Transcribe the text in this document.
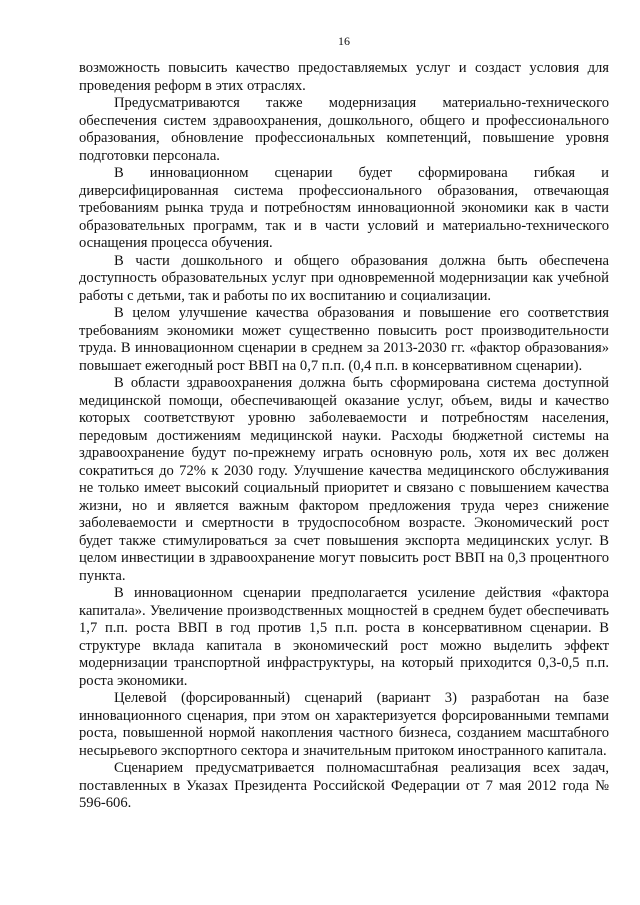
16

возможность повысить качество предоставляемых услуг и создаст условия для проведения реформ в этих отраслях.

Предусматриваются также модернизация материально-технического обеспечения систем здравоохранения, дошкольного, общего и профессионального образования, обновление профессиональных компетенций, повышение уровня подготовки персонала.

В инновационном сценарии будет сформирована гибкая и диверсифицированная система профессионального образования, отвечающая требованиям рынка труда и потребностям инновационной экономики как в части образовательных программ, так и в части условий и материально-технического оснащения процесса обучения.

В части дошкольного и общего образования должна быть обеспечена доступность образовательных услуг при одновременной модернизации как учебной работы с детьми, так и работы по их воспитанию и социализации.

В целом улучшение качества образования и повышение его соответствия требованиям экономики может существенно повысить рост производительности труда. В инновационном сценарии в среднем за 2013-2030 гг. «фактор образования» повышает ежегодный рост ВВП на 0,7 п.п. (0,4 п.п. в консервативном сценарии).

В области здравоохранения должна быть сформирована система доступной медицинской помощи, обеспечивающей оказание услуг, объем, виды и качество которых соответствуют уровню заболеваемости и потребностям населения, передовым достижениям медицинской науки. Расходы бюджетной системы на здравоохранение будут по-прежнему играть основную роль, хотя их вес должен сократиться до 72% к 2030 году. Улучшение качества медицинского обслуживания не только имеет высокий социальный приоритет и связано с повышением качества жизни, но и является важным фактором предложения труда через снижение заболеваемости и смертности в трудоспособном возрасте. Экономический рост будет также стимулироваться за счет повышения экспорта медицинских услуг. В целом инвестиции в здравоохранение могут повысить рост ВВП на 0,3 процентного пункта.

В инновационном сценарии предполагается усиление действия «фактора капитала». Увеличение производственных мощностей в среднем будет обеспечивать 1,7 п.п. роста ВВП в год против 1,5 п.п. роста в консервативном сценарии. В структуре вклада капитала в экономический рост можно выделить эффект модернизации транспортной инфраструктуры, на который приходится 0,3-0,5 п.п. роста экономики.

Целевой (форсированный) сценарий (вариант 3) разработан на базе инновационного сценария, при этом он характеризуется форсированными темпами роста, повышенной нормой накопления частного бизнеса, созданием масштабного несырьевого экспортного сектора и значительным притоком иностранного капитала.

Сценарием предусматривается полномасштабная реализация всех задач, поставленных в Указах Президента Российской Федерации от 7 мая 2012 года № 596-606.
